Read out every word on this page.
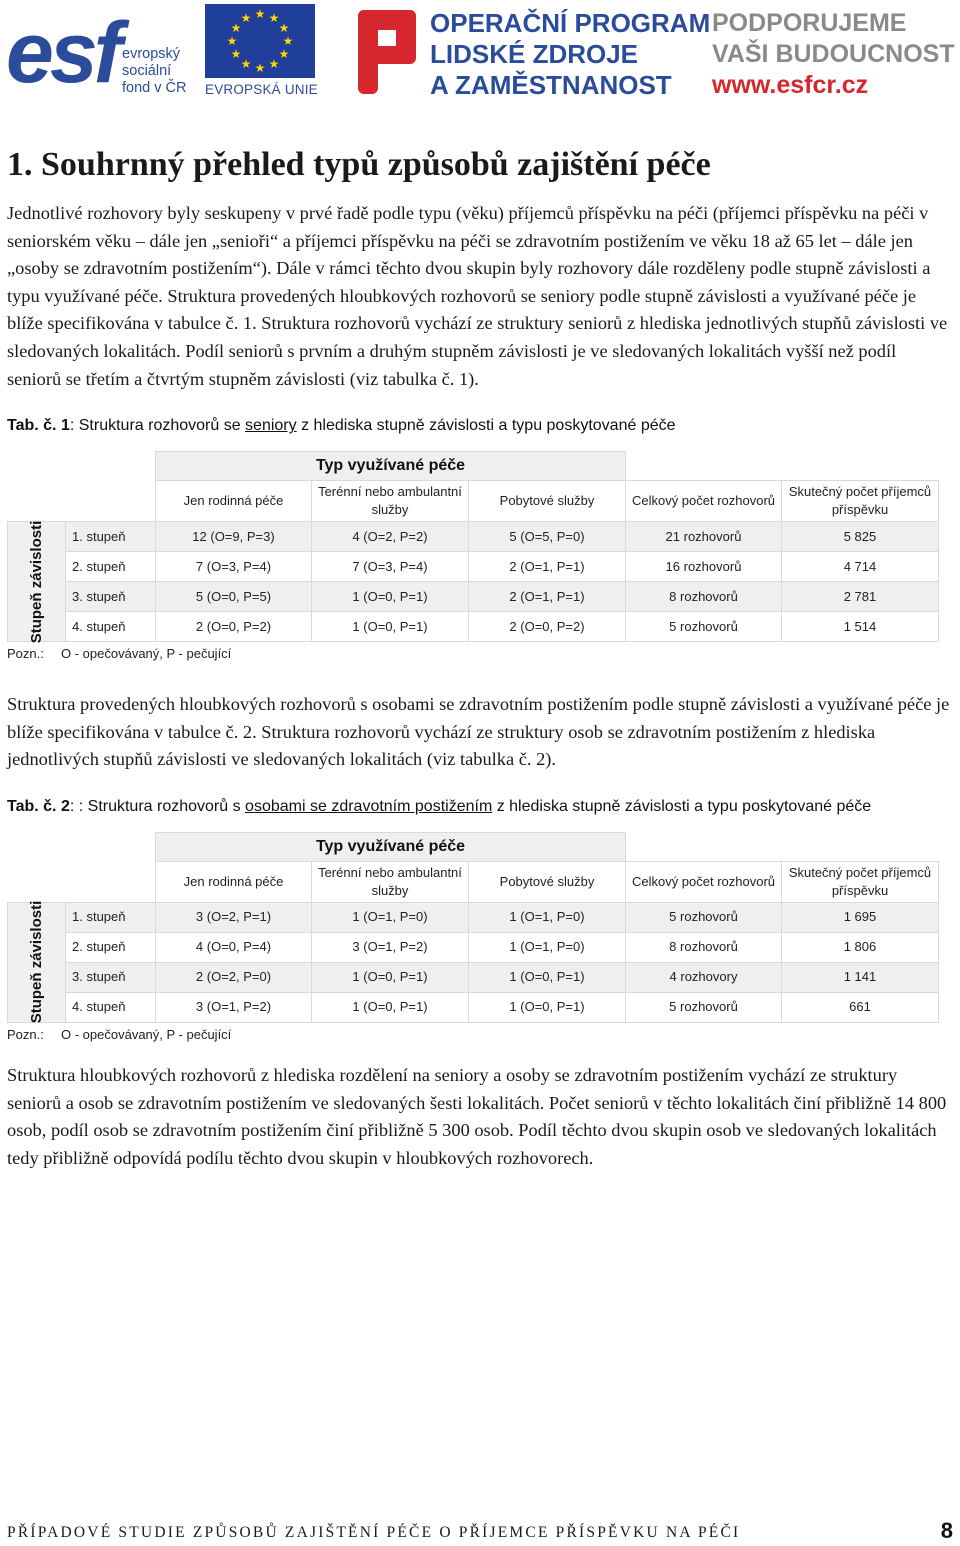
esf evropský
sociální
fond v ČR
★ ★
★
★
★
★
★
★
★
★
★
★
EVROPSKÁ UNIE
OPERAČNÍ PROGRAM
LIDSKÉ ZDROJE
A ZAMĚSTNANOST
PODPORUJEME
VAŠI BUDOUCNOST
www.esfcr.cz
1. Souhrnný přehled typů způsobů zajištění péče

Jednotlivé rozhovory byly seskupeny v prvé řadě podle typu (věku) příjemců příspěvku na péči (příjemci příspěvku na péči v seniorském věku – dále jen „senioři“ a příjemci příspěvku na péči se zdravotním postižením ve věku 18 až 65 let – dále jen „osoby se zdravotním postižením“). Dále v rámci těchto dvou skupin byly rozhovory dále rozděleny podle stupně závislosti a typu využívané péče. Struktura provedených hloubkových rozhovorů se seniory podle stupně závislosti a využívané péče je blíže specifikována v tabulce č. 1. Struktura rozhovorů vychází ze struktury seniorů z hlediska jednotlivých stupňů závislosti ve sledovaných lokalitách. Podíl seniorů s prvním a druhým stupněm závislosti je ve sledovaných lokalitách vyšší než podíl seniorů se třetím a čtvrtým stupněm závislosti (viz tabulka č. 1).

Tab. č. 1: Struktura rozhovorů se seniory z hlediska stupně závislosti a typu poskytované péče

		Typ využívané péče				
		Jen rodinná péče	Terénní nebo ambulantní služby	Pobytové služby	Celkový počet rozhovorů	Skutečný počet příjemců příspěvku

Stupeň závislosti	1. stupeň	12 (O=9, P=3)	4 (O=2, P=2)	5 (O=5, P=0)	21 rozhovorů	5 825
	2. stupeň	7 (O=3, P=4)	7 (O=3, P=4)	2 (O=1, P=1)	16 rozhovorů	4 714
	3. stupeň	5 (O=0, P=5)	1 (O=0, P=1)	2 (O=1, P=1)	8 rozhovorů	2 781
	4. stupeň	2 (O=0, P=2)	1 (O=0, P=1)	2 (O=0, P=2)	5 rozhovorů	1 514

Pozn.: O - opečovávaný, P - pečující

Struktura provedených hloubkových rozhovorů s osobami se zdravotním postižením podle stupně závislosti a využívané péče je blíže specifikována v tabulce č. 2. Struktura rozhovorů vychází ze struktury osob se zdravotním postižením z hlediska jednotlivých stupňů závislosti ve sledovaných lokalitách (viz tabulka č. 2).

Tab. č. 2: : Struktura rozhovorů s osobami se zdravotním postižením z hlediska stupně závislosti a typu poskytované péče

		Typ využívané péče				
		Jen rodinná péče	Terénní nebo ambulantní služby	Pobytové služby	Celkový počet rozhovorů	Skutečný počet příjemců příspěvku

Stupeň závislosti	1. stupeň	3 (O=2, P=1)	1 (O=1, P=0)	1 (O=1, P=0)	5 rozhovorů	1 695
	2. stupeň	4 (O=0, P=4)	3 (O=1, P=2)	1 (O=1, P=0)	8 rozhovorů	1 806
	3. stupeň	2 (O=2, P=0)	1 (O=0, P=1)	1 (O=0, P=1)	4 rozhovory	1 141
	4. stupeň	3 (O=1, P=2)	1 (O=0, P=1)	1 (O=0, P=1)	5 rozhovorů	661

Pozn.: O - opečovávaný, P - pečující

Struktura hloubkových rozhovorů z hlediska rozdělení na seniory a osoby se zdravotním postižením vychází ze struktury seniorů a osob se zdravotním postižením ve sledovaných šesti lokalitách. Počet seniorů v těchto lokalitách činí přibližně 14 800 osob, podíl osob se zdravotním postižením činí přibližně 5 300 osob. Podíl těchto dvou skupin osob ve sledovaných lokalitách tedy přibližně odpovídá podílu těchto dvou skupin v hloubkových rozhovorech.

PŘÍPADOVÉ STUDIE ZPŮSOBŮ ZAJIŠTĚNÍ PÉČE O PŘÍJEMCE PŘÍSPĚVKU NA PÉČI	8
